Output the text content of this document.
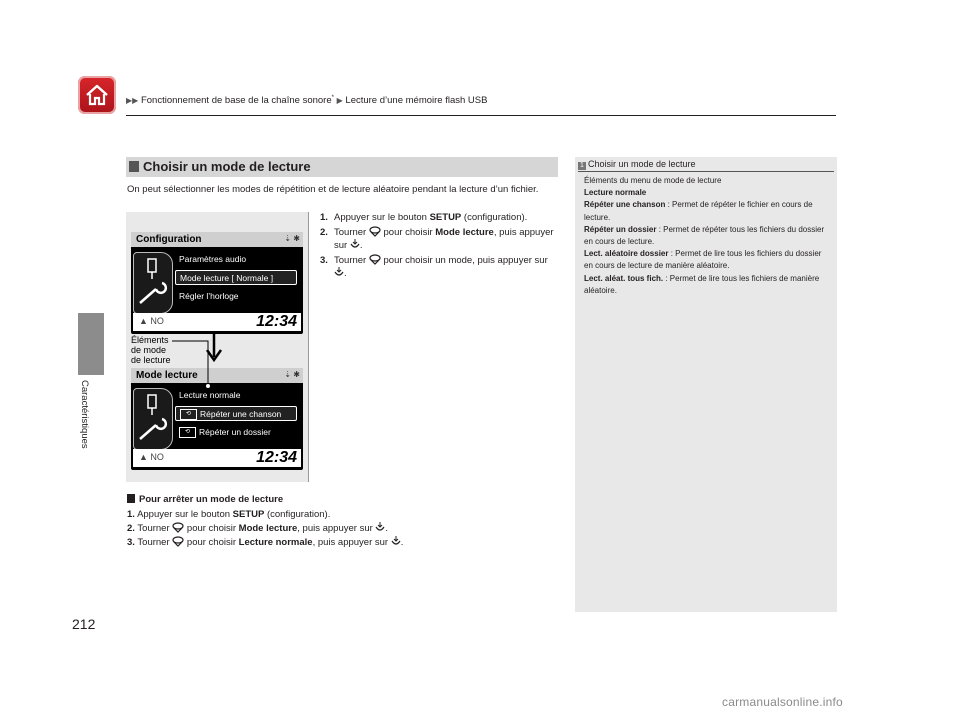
▶▶ Fonctionnement de base de la chaîne sonore* ▶ Lecture d’une mémoire flash USB
Caractéristiques
212
Choisir un mode de lecture
On peut sélectionner les modes de répétition et de lecture aléatoire pendant la lecture d’un fichier.
1. Appuyer sur le bouton SETUP (configuration).
2. Tourner  pour choisir Mode lecture, puis appuyer sur .
3. Tourner  pour choisir un mode, puis appuyer sur .
Configuration	⇣ ✱
Paramètres audio
Mode lecture [ Normale ]
Régler l’horloge
▲ NO	12:34
Mode lecture	⇣ ✱
Lecture normale
⟲	Répéter une chanson
⟲	Répéter un dossier
▲ NO	12:34
Éléments
de mode
de lecture
Pour arrêter un mode de lecture
1. Appuyer sur le bouton SETUP (configuration).
2. Tourner  pour choisir Mode lecture, puis appuyer sur .
3. Tourner  pour choisir Lecture normale, puis appuyer sur .
1 Choisir un mode de lecture
Éléments du menu de mode de lecture
Lecture normale
Répéter une chanson : Permet de répéter le fichier en cours de lecture.
Répéter un dossier : Permet de répéter tous les fichiers du dossier en cours de lecture.
Lect. aléatoire dossier : Permet de lire tous les fichiers du dossier en cours de lecture de manière aléatoire.
Lect. aléat. tous fich. : Permet de lire tous les fichiers de manière aléatoire.
carmanualsonline.info
